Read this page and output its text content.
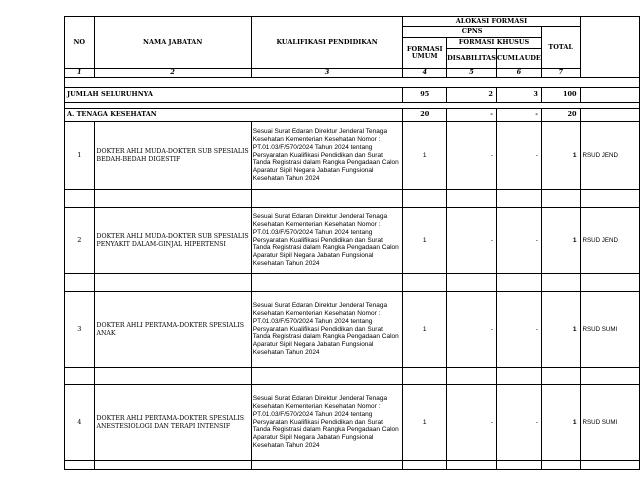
NO	NAMA JABATAN	KUALIFIKASI PENDIDIKAN	ALOKASI FORMASI				
			CPNS			TOTAL	
			FORMASI UMUM	FORMASI KHUSUS			
				DISABILITAS	CUMLAUDE		
1	2	3	4	5	6	7	

JUMLAH SELURUHNYA			95	2	3	100	

A. TENAGA KESEHATAN			20	-	-	20	
1	DOKTER AHLI MUDA-DOKTER SUB SPESIALIS BEDAH-BEDAH DIGESTIF	Sesuai Surat Edaran Direktur Jenderal Tenaga Kesehatan Kementerian Kesehatan Nomor : PT.01.03/F/570/2024 Tahun 2024 tentang Persyaratan Kualifikasi Pendidikan dan Surat Tanda Registrasi dalam Rangka Pengadaan Calon Aparatur Sipil Negara Jabatan Fungsional Kesehatan Tahun 2024	1	-	-	1	RSUD JEND

2	DOKTER AHLI MUDA-DOKTER SUB SPESIALIS PENYAKIT DALAM-GINJAL HIPERTENSI	Sesuai Surat Edaran Direktur Jenderal Tenaga Kesehatan Kementerian Kesehatan Nomor : PT.01.03/F/570/2024 Tahun 2024 tentang Persyaratan Kualifikasi Pendidikan dan Surat Tanda Registrasi dalam Rangka Pengadaan Calon Aparatur Sipil Negara Jabatan Fungsional Kesehatan Tahun 2024	1	-	-	1	RSUD JEND

3	DOKTER AHLI PERTAMA-DOKTER SPESIALIS ANAK	Sesuai Surat Edaran Direktur Jenderal Tenaga Kesehatan Kementerian Kesehatan Nomor : PT.01.03/F/570/2024 Tahun 2024 tentang Persyaratan Kualifikasi Pendidikan dan Surat Tanda Registrasi dalam Rangka Pengadaan Calon Aparatur Sipil Negara Jabatan Fungsional Kesehatan Tahun 2024	1	-	-	1	RSUD SUMI

4	DOKTER AHLI PERTAMA-DOKTER SPESIALIS ANESTESIOLOGI DAN TERAPI INTENSIF	Sesuai Surat Edaran Direktur Jenderal Tenaga Kesehatan Kementerian Kesehatan Nomor : PT.01.03/F/570/2024 Tahun 2024 tentang Persyaratan Kualifikasi Pendidikan dan Surat Tanda Registrasi dalam Rangka Pengadaan Calon Aparatur Sipil Negara Jabatan Fungsional Kesehatan Tahun 2024	1	-	-	1	RSUD SUMI
